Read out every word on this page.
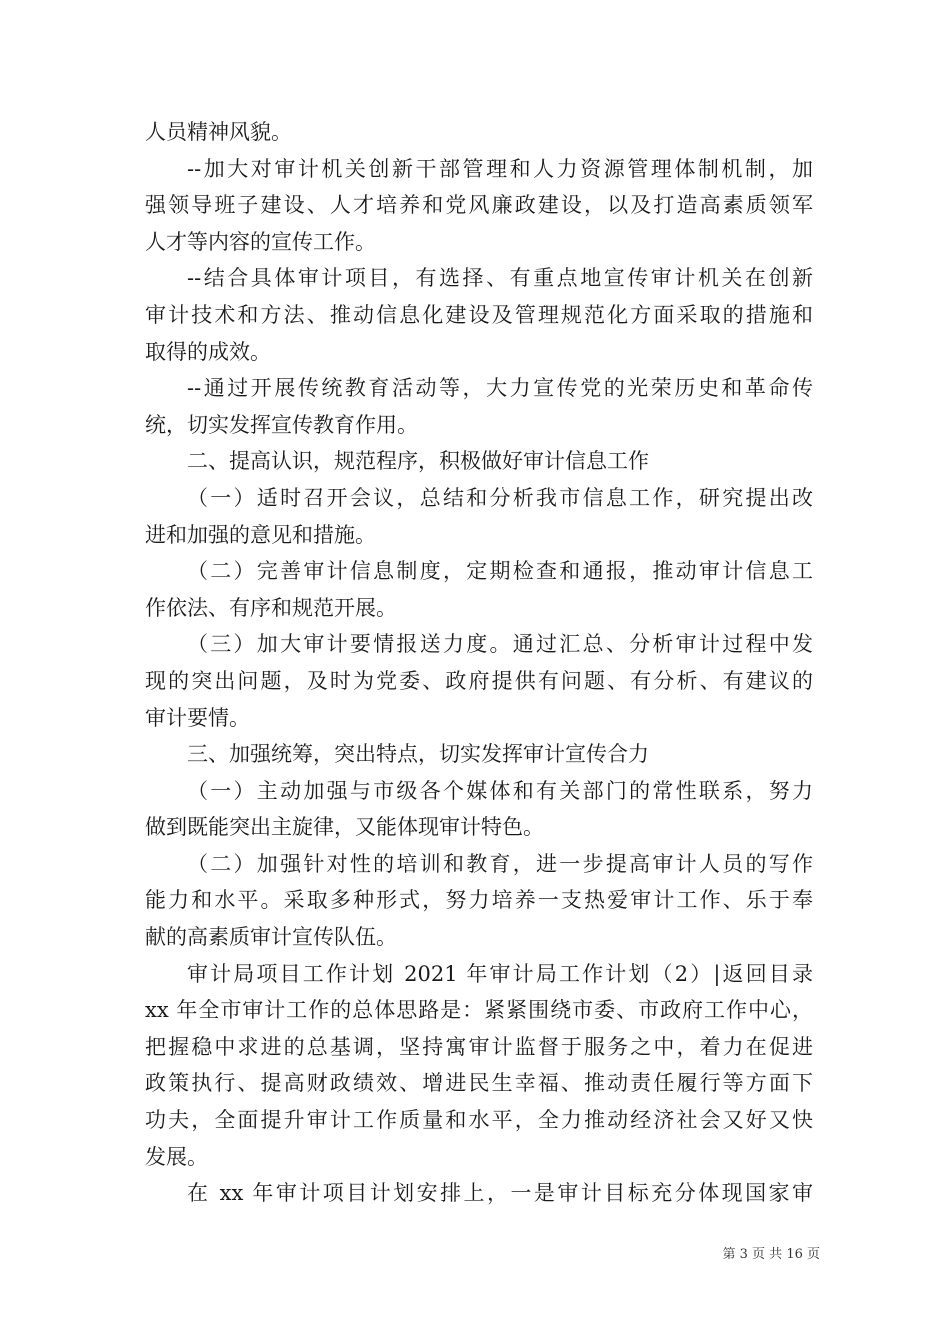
人员精神风貌。
--加大对审计机关创新干部管理和人力资源管理体制机制，加
强领导班子建设、人才培养和党风廉政建设，以及打造高素质领军
人才等内容的宣传工作。
--结合具体审计项目，有选择、有重点地宣传审计机关在创新
审计技术和方法、推动信息化建设及管理规范化方面采取的措施和
取得的成效。
--通过开展传统教育活动等，大力宣传党的光荣历史和革命传
统，切实发挥宣传教育作用。
二、提高认识，规范程序，积极做好审计信息工作
（一）适时召开会议，总结和分析我市信息工作，研究提出改
进和加强的意见和措施。
（二）完善审计信息制度，定期检查和通报，推动审计信息工
作依法、有序和规范开展。
（三）加大审计要情报送力度。通过汇总、分析审计过程中发
现的突出问题，及时为党委、政府提供有问题、有分析、有建议的
审计要情。
三、加强统筹，突出特点，切实发挥审计宣传合力
（一）主动加强与市级各个媒体和有关部门的常性联系，努力
做到既能突出主旋律，又能体现审计特色。
（二）加强针对性的培训和教育，进一步提高审计人员的写作
能力和水平。采取多种形式，努力培养一支热爱审计工作、乐于奉
献的高素质审计宣传队伍。
审计局项目工作计划 2021 年审计局工作计划（2）|返回目录
xx 年全市审计工作的总体思路是：紧紧围绕市委、市政府工作中心，
把握稳中求进的总基调，坚持寓审计监督于服务之中，着力在促进
政策执行、提高财政绩效、增进民生幸福、推动责任履行等方面下
功夫，全面提升审计工作质量和水平，全力推动经济社会又好又快
发展。
在 xx 年审计项目计划安排上，一是审计目标充分体现国家审
第 3 页 共 16 页
